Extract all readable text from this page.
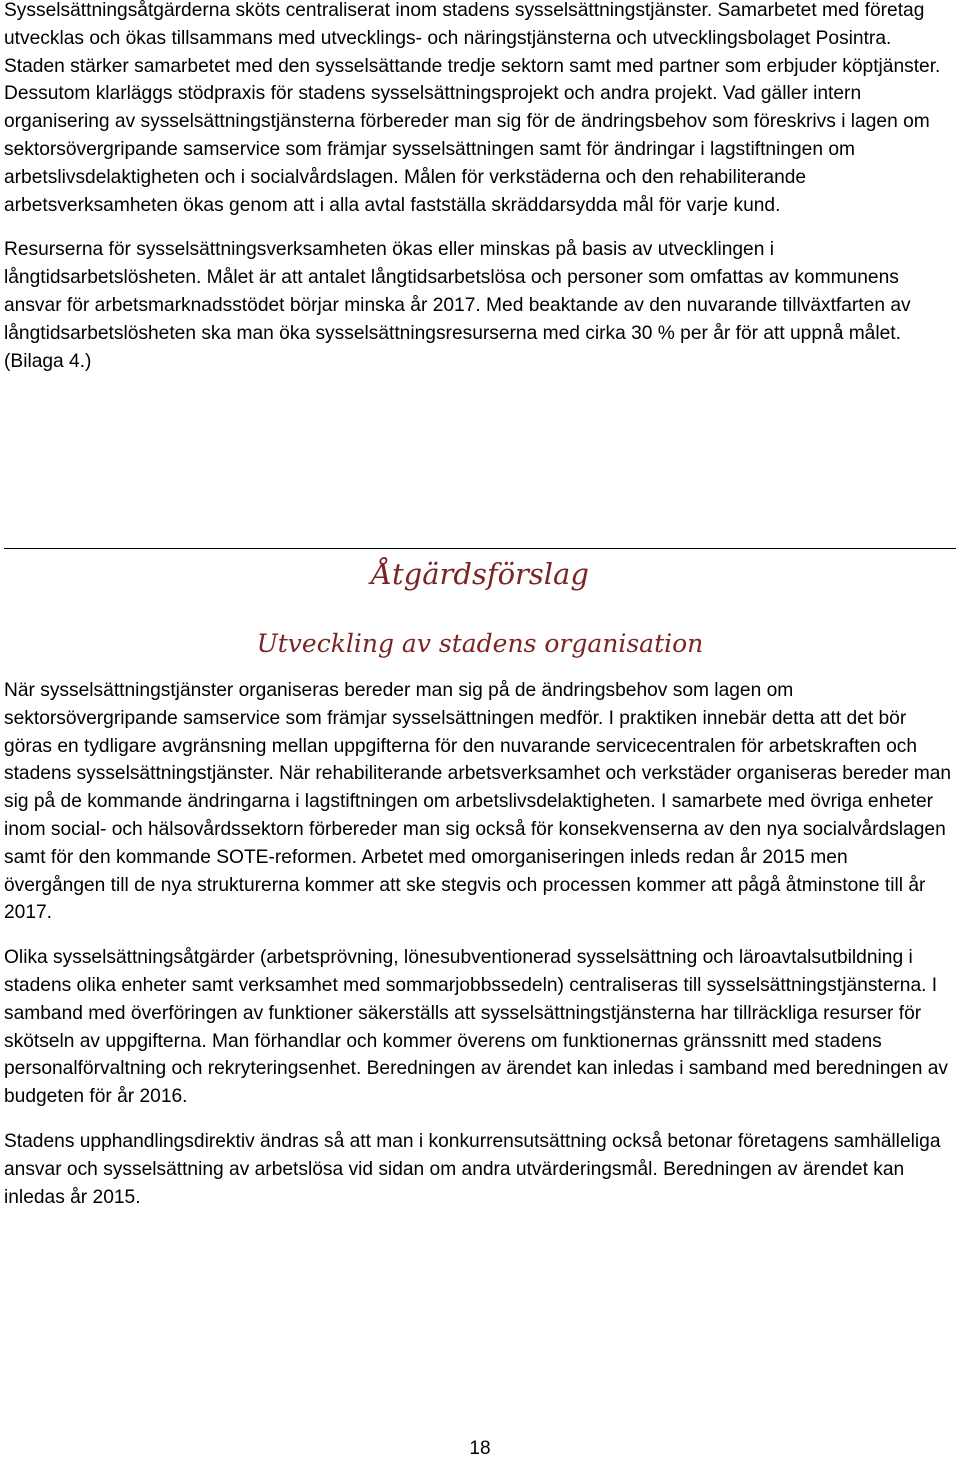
Sysselsättningsåtgärderna sköts centraliserat inom stadens sysselsättningstjänster. Samarbetet med företag utvecklas och ökas tillsammans med utvecklings- och näringstjänsterna och utvecklingsbolaget Posintra. Staden stärker samarbetet med den sysselsättande tredje sektorn samt med partner som erbjuder köptjänster. Dessutom klarläggs stödpraxis för stadens sysselsättningsprojekt och andra projekt. Vad gäller intern organisering av sysselsättningstjänsterna förbereder man sig för de ändringsbehov som föreskrivs i lagen om sektorsövergripande samservice som främjar sysselsättningen samt för ändringar i lagstiftningen om arbetslivsdelaktigheten och i socialvårdslagen. Målen för verkstäderna och den rehabiliterande arbetsverksamheten ökas genom att i alla avtal fastställa skräddarsydda mål för varje kund.

Resurserna för sysselsättningsverksamheten ökas eller minskas på basis av utvecklingen i långtidsarbetslösheten. Målet är att antalet långtidsarbetslösa och personer som omfattas av kommunens ansvar för arbetsmarknadsstödet börjar minska år 2017. Med beaktande av den nuvarande tillväxtfarten av långtidsarbetslösheten ska man öka sysselsättningsresurserna med cirka 30 % per år för att uppnå målet. (Bilaga 4.)

Åtgärdsförslag
Utveckling av stadens organisation

När sysselsättningstjänster organiseras bereder man sig på de ändringsbehov som lagen om sektorsövergripande samservice som främjar sysselsättningen medför. I praktiken innebär detta att det bör göras en tydligare avgränsning mellan uppgifterna för den nuvarande servicecentralen för arbetskraften och stadens sysselsättningstjänster. När rehabiliterande arbetsverksamhet och verkstäder organiseras bereder man sig på de kommande ändringarna i lagstiftningen om arbetslivsdelaktigheten. I samarbete med övriga enheter inom social- och hälsovårdssektorn förbereder man sig också för konsekvenserna av den nya socialvårdslagen samt för den kommande SOTE-reformen. Arbetet med omorganiseringen inleds redan år 2015 men övergången till de nya strukturerna kommer att ske stegvis och processen kommer att pågå åtminstone till år 2017.

Olika sysselsättningsåtgärder (arbetsprövning, lönesubventionerad sysselsättning och läroavtalsutbildning i stadens olika enheter samt verksamhet med sommarjobbssedeln) centraliseras till sysselsättningstjänsterna. I samband med överföringen av funktioner säkerställs att sysselsättningstjänsterna har tillräckliga resurser för skötseln av uppgifterna. Man förhandlar och kommer överens om funktionernas gränssnitt med stadens personalförvaltning och rekryteringsenhet. Beredningen av ärendet kan inledas i samband med beredningen av budgeten för år 2016.

Stadens upphandlingsdirektiv ändras så att man i konkurrensutsättning också betonar företagens samhälleliga ansvar och sysselsättning av arbetslösa vid sidan om andra utvärderingsmål. Beredningen av ärendet kan inledas år 2015.

18
